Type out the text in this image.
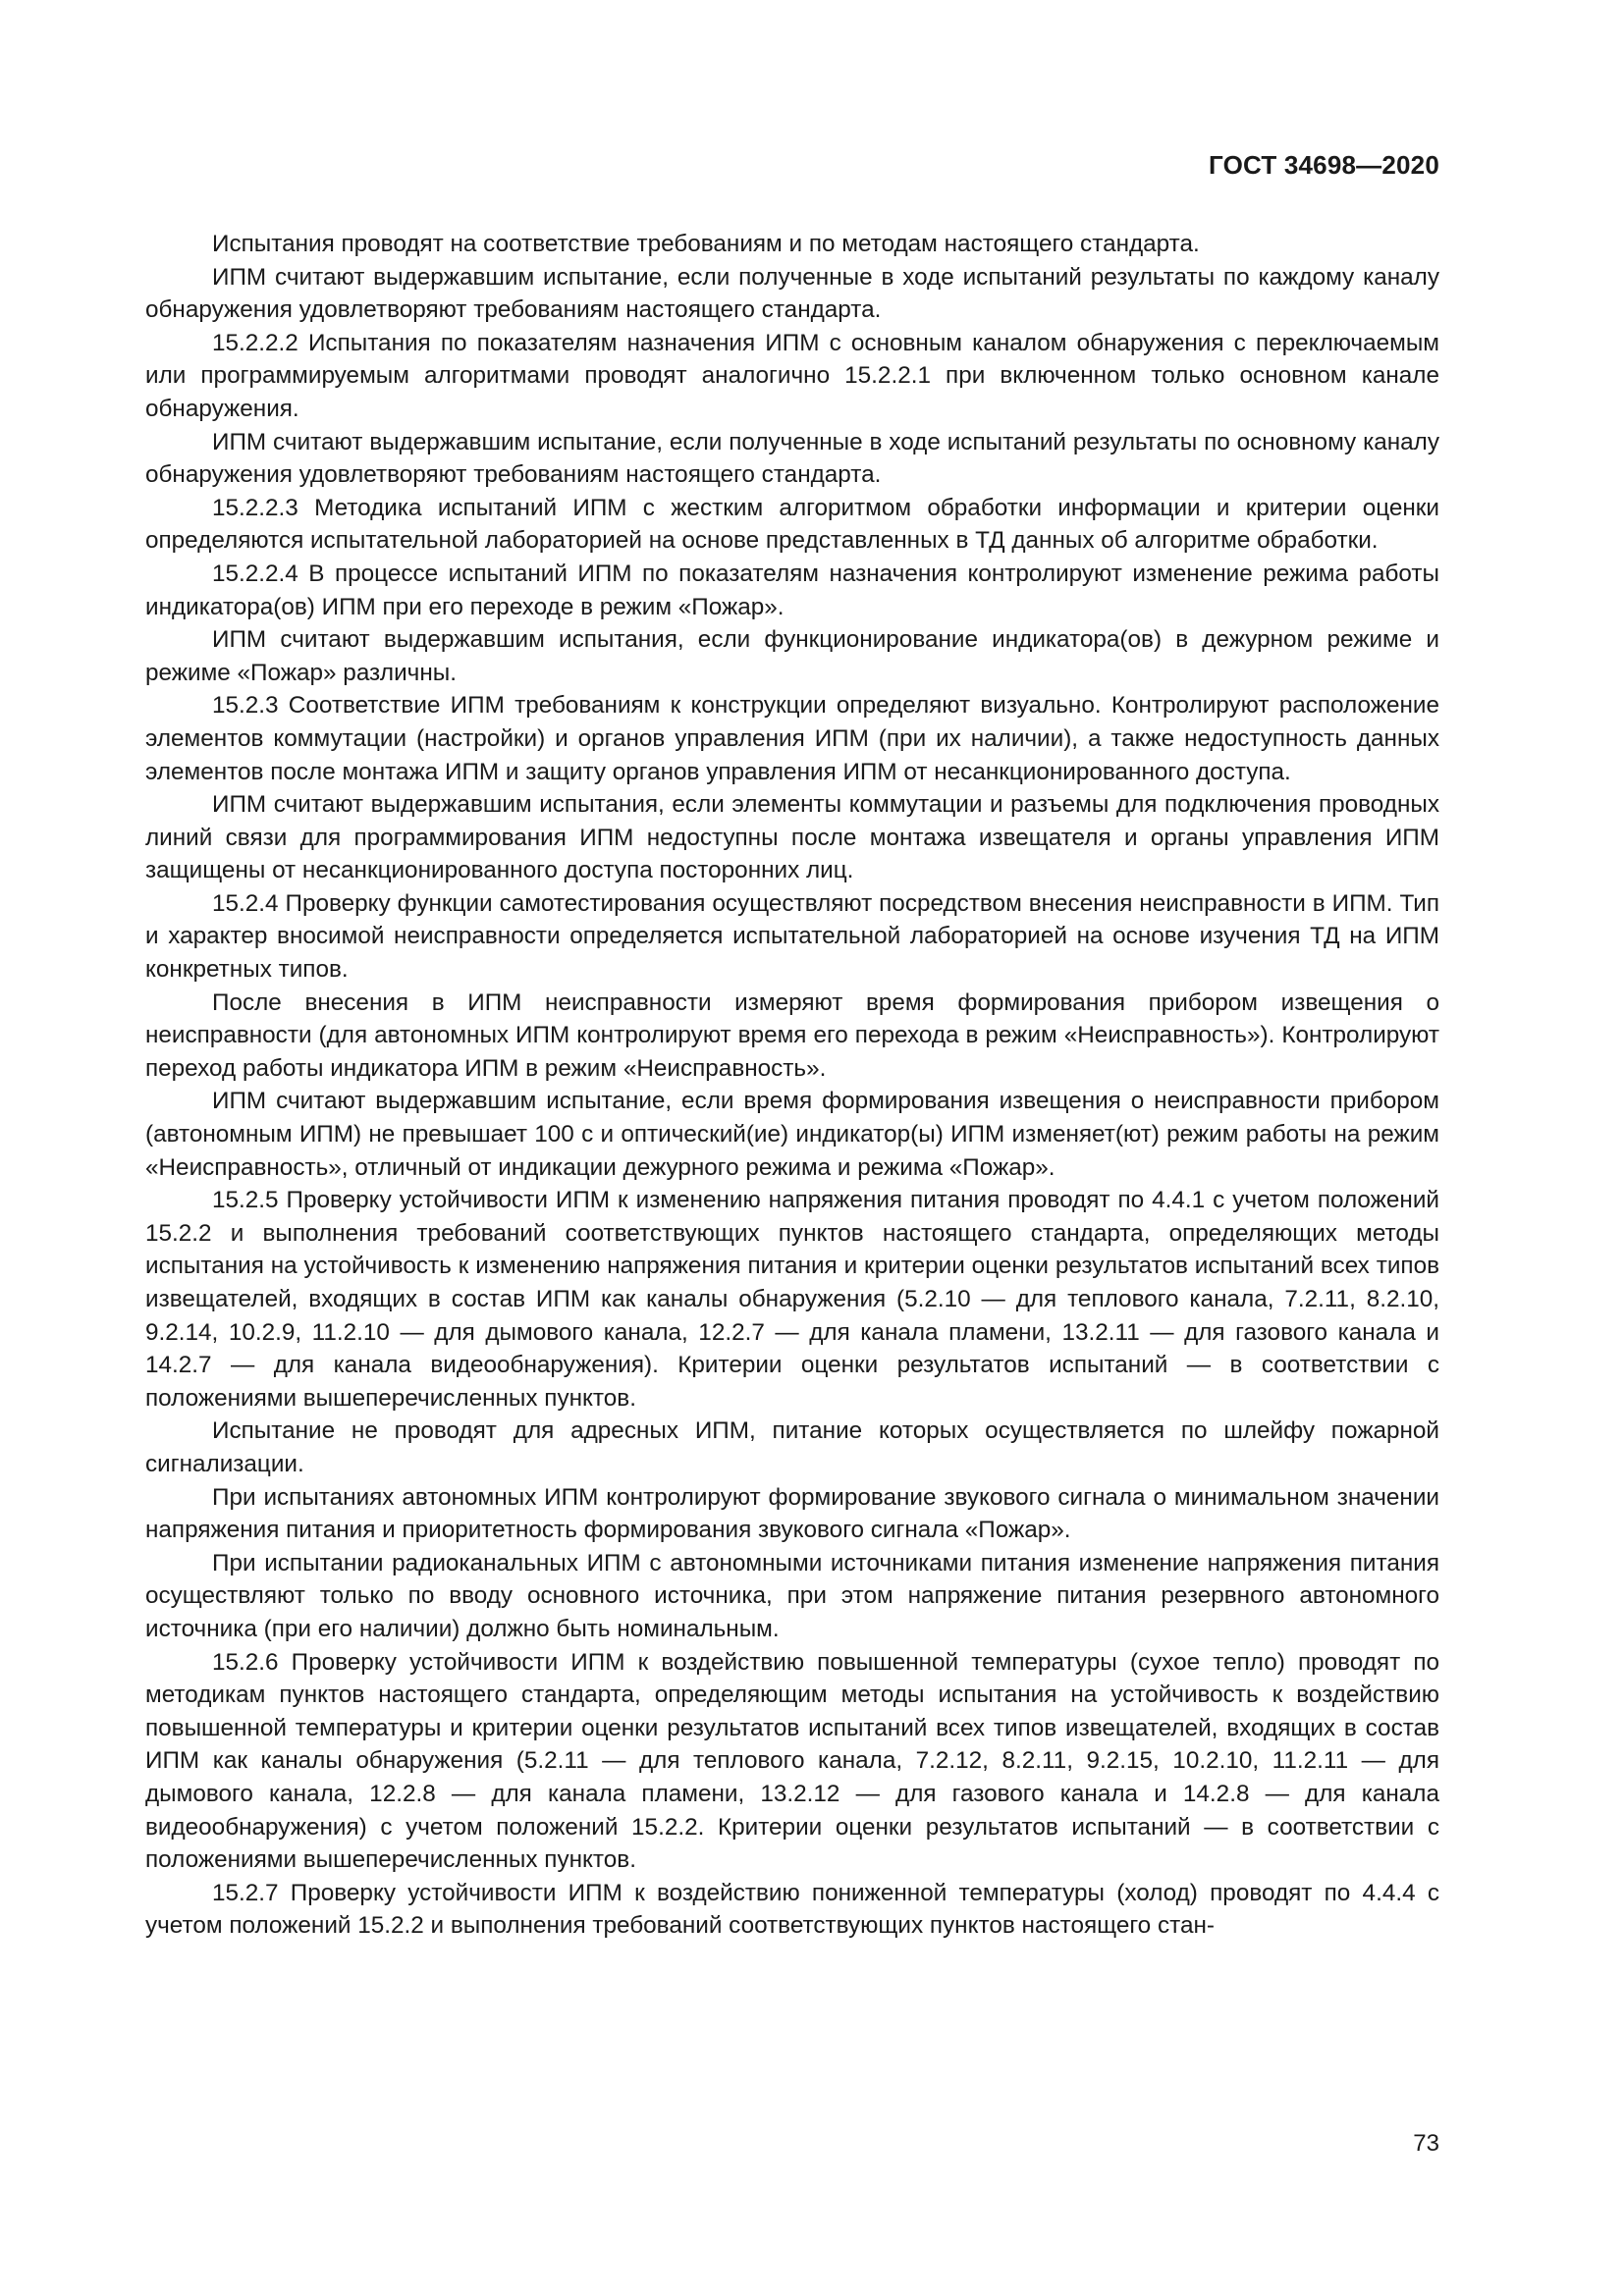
ГОСТ 34698—2020

Испытания проводят на соответствие требованиям и по методам настоящего стандарта.

ИПМ считают выдержавшим испытание, если полученные в ходе испытаний результаты по каждому каналу обнаружения удовлетворяют требованиям настоящего стандарта.

15.2.2.2 Испытания по показателям назначения ИПМ с основным каналом обнаружения с переключаемым или программируемым алгоритмами проводят аналогично 15.2.2.1 при включенном только основном канале обнаружения.

ИПМ считают выдержавшим испытание, если полученные в ходе испытаний результаты по основному каналу обнаружения удовлетворяют требованиям настоящего стандарта.

15.2.2.3 Методика испытаний ИПМ с жестким алгоритмом обработки информации и критерии оценки определяются испытательной лабораторией на основе представленных в ТД данных об алгоритме обработки.

15.2.2.4 В процессе испытаний ИПМ по показателям назначения контролируют изменение режима работы индикатора(ов) ИПМ при его переходе в режим «Пожар».

ИПМ считают выдержавшим испытания, если функционирование индикатора(ов) в дежурном режиме и режиме «Пожар» различны.

15.2.3 Соответствие ИПМ требованиям к конструкции определяют визуально. Контролируют расположение элементов коммутации (настройки) и органов управления ИПМ (при их наличии), а также недоступность данных элементов после монтажа ИПМ и защиту органов управления ИПМ от несанкционированного доступа.

ИПМ считают выдержавшим испытания, если элементы коммутации и разъемы для подключения проводных линий связи для программирования ИПМ недоступны после монтажа извещателя и органы управления ИПМ защищены от несанкционированного доступа посторонних лиц.

15.2.4 Проверку функции самотестирования осуществляют посредством внесения неисправности в ИПМ. Тип и характер вносимой неисправности определяется испытательной лабораторией на основе изучения ТД на ИПМ конкретных типов.

После внесения в ИПМ неисправности измеряют время формирования прибором извещения о неисправности (для автономных ИПМ контролируют время его перехода в режим «Неисправность»). Контролируют переход работы индикатора ИПМ в режим «Неисправность».

ИПМ считают выдержавшим испытание, если время формирования извещения о неисправности прибором (автономным ИПМ) не превышает 100 с и оптический(ие) индикатор(ы) ИПМ изменяет(ют) режим работы на режим «Неисправность», отличный от индикации дежурного режима и режима «Пожар».

15.2.5 Проверку устойчивости ИПМ к изменению напряжения питания проводят по 4.4.1 с учетом положений 15.2.2 и выполнения требований соответствующих пунктов настоящего стандарта, определяющих методы испытания на устойчивость к изменению напряжения питания и критерии оценки результатов испытаний всех типов извещателей, входящих в состав ИПМ как каналы обнаружения (5.2.10 — для теплового канала, 7.2.11, 8.2.10, 9.2.14, 10.2.9, 11.2.10 — для дымового канала, 12.2.7 — для канала пламени, 13.2.11 — для газового канала и 14.2.7 — для канала видеообнаружения). Критерии оценки результатов испытаний — в соответствии с положениями вышеперечисленных пунктов.

Испытание не проводят для адресных ИПМ, питание которых осуществляется по шлейфу пожарной сигнализации.

При испытаниях автономных ИПМ контролируют формирование звукового сигнала о минимальном значении напряжения питания и приоритетность формирования звукового сигнала «Пожар».

При испытании радиоканальных ИПМ с автономными источниками питания изменение напряжения питания осуществляют только по вводу основного источника, при этом напряжение питания резервного автономного источника (при его наличии) должно быть номинальным.

15.2.6 Проверку устойчивости ИПМ к воздействию повышенной температуры (сухое тепло) проводят по методикам пунктов настоящего стандарта, определяющим методы испытания на устойчивость к воздействию повышенной температуры и критерии оценки результатов испытаний всех типов извещателей, входящих в состав ИПМ как каналы обнаружения (5.2.11 — для теплового канала, 7.2.12, 8.2.11, 9.2.15, 10.2.10, 11.2.11 — для дымового канала, 12.2.8 — для канала пламени, 13.2.12 — для газового канала и 14.2.8 — для канала видеообнаружения) с учетом положений 15.2.2. Критерии оценки результатов испытаний — в соответствии с положениями вышеперечисленных пунктов.

15.2.7 Проверку устойчивости ИПМ к воздействию пониженной температуры (холод) проводят по 4.4.4 с учетом положений 15.2.2 и выполнения требований соответствующих пунктов настоящего стан-

73
